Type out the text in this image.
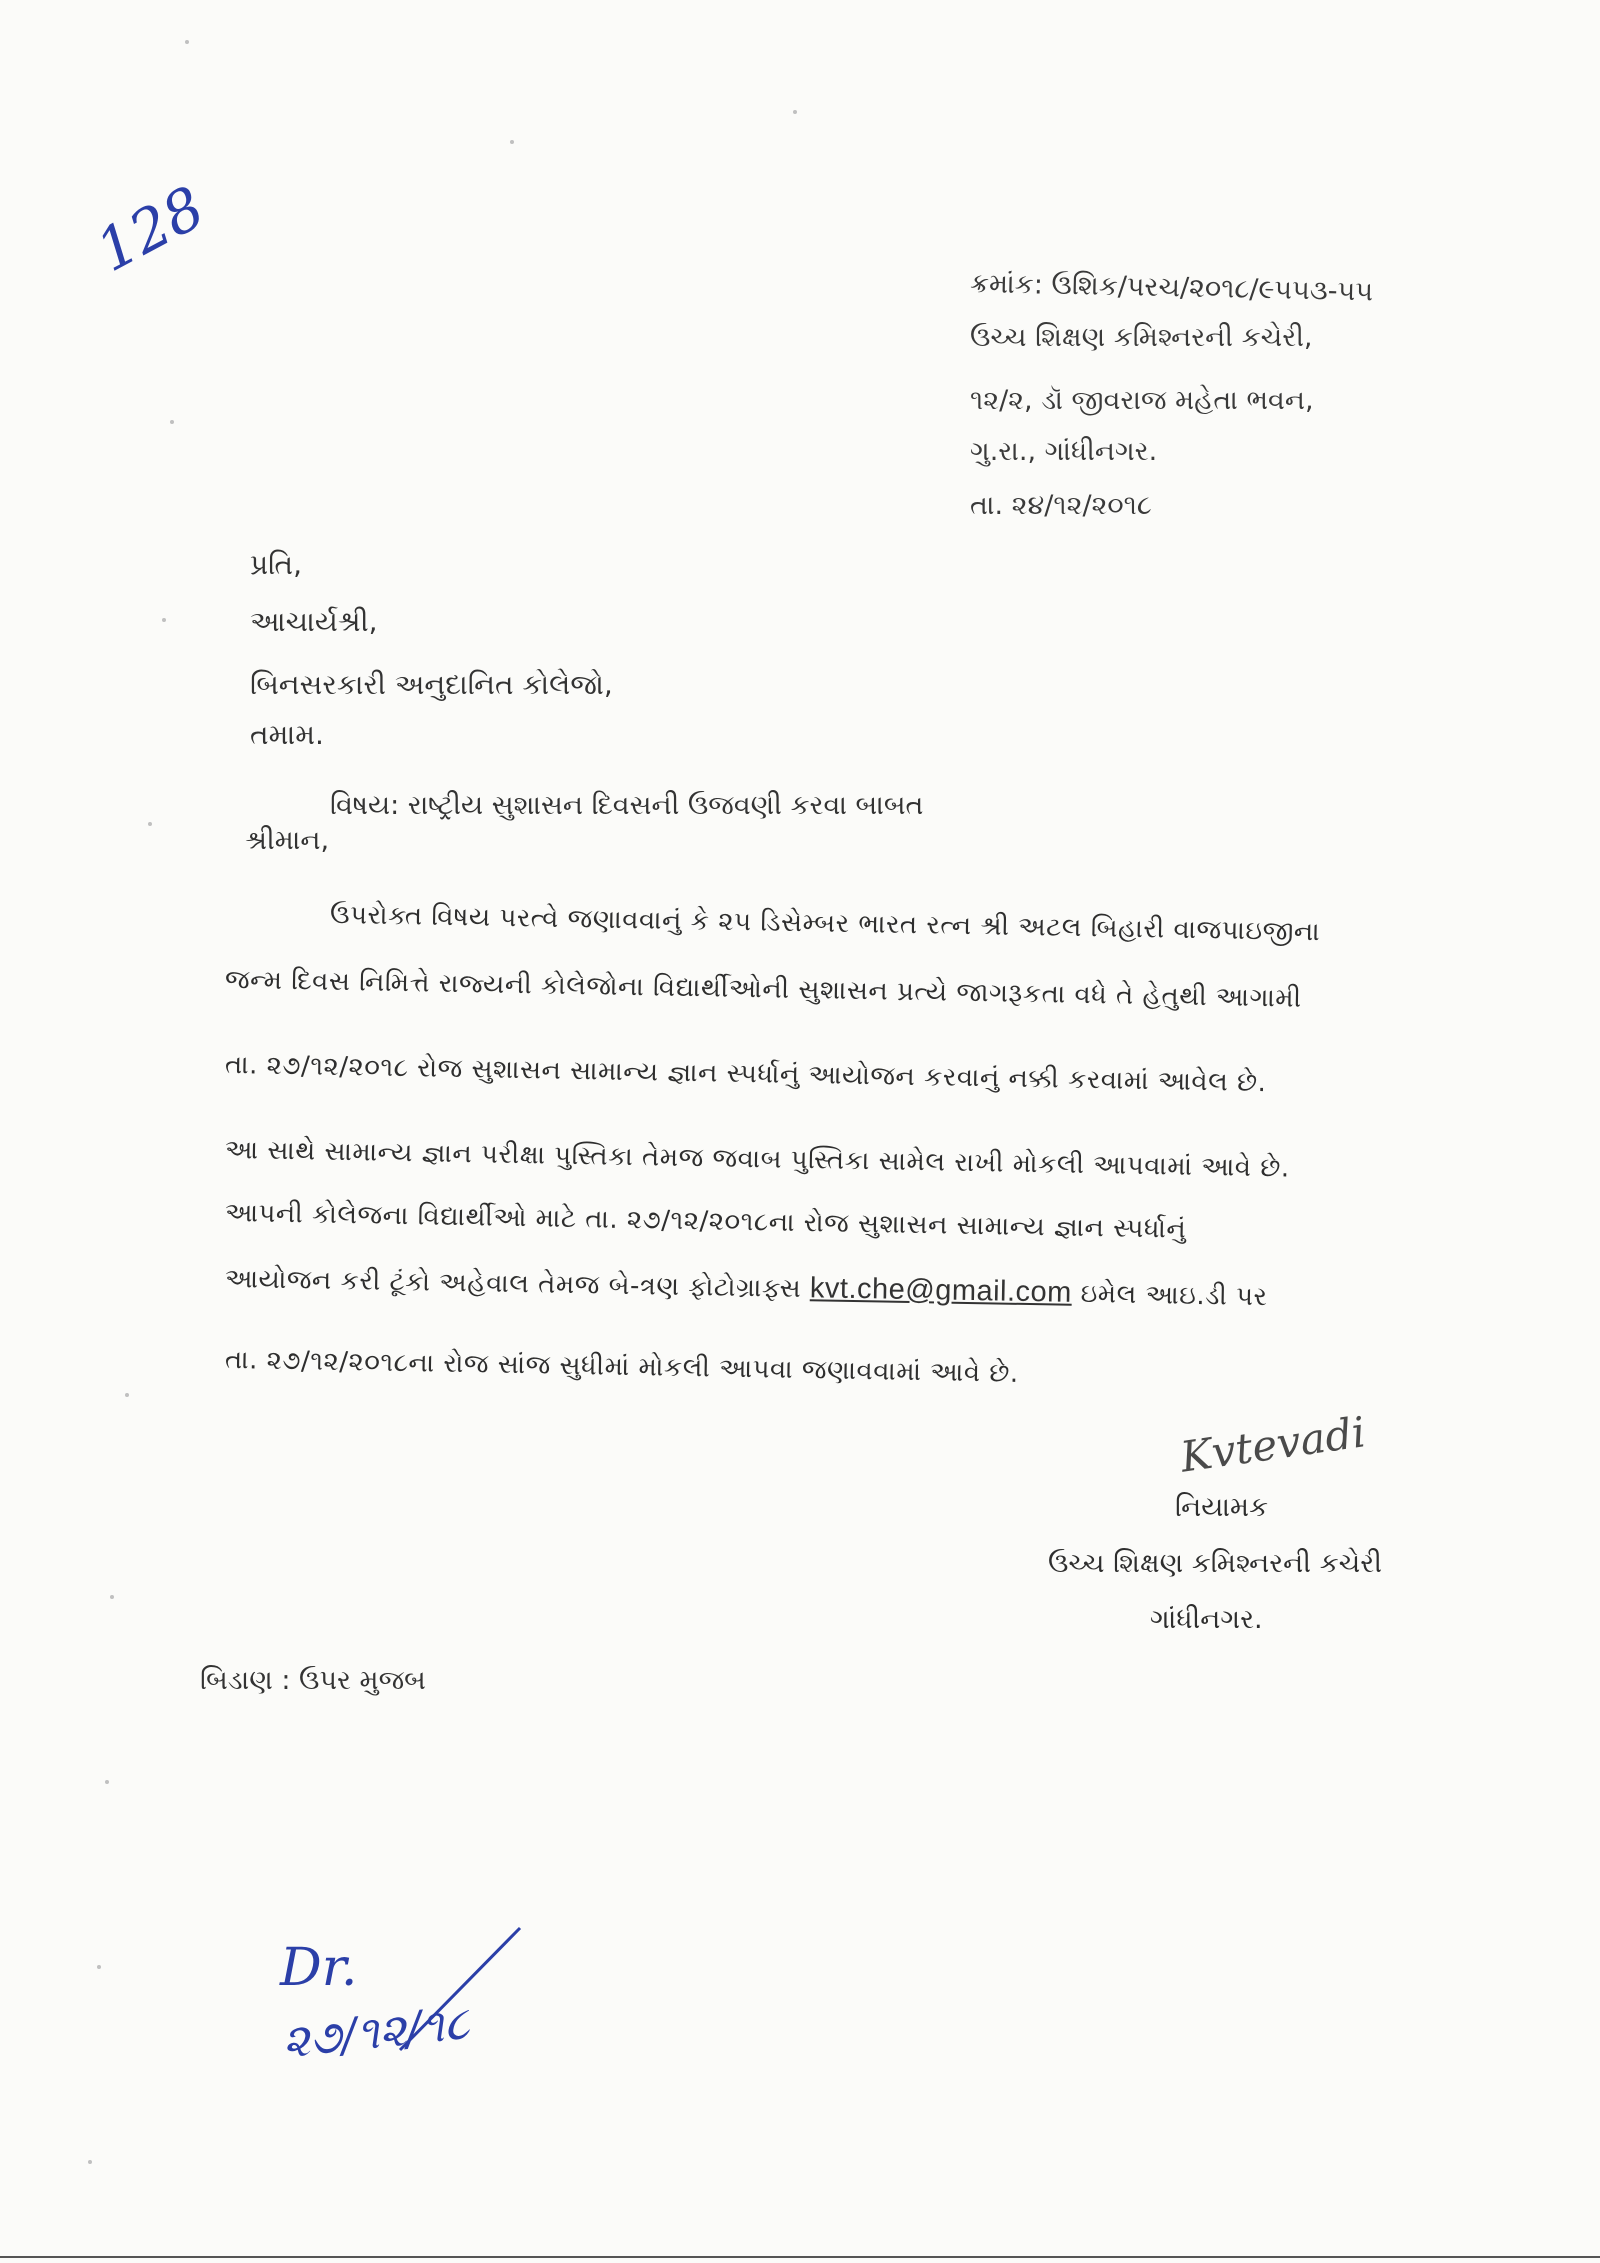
128
ક્રમાંક: ઉશિક/પરચ/૨૦૧૮/૯૫૫૩-૫૫
ઉચ્ચ શિક્ષણ કમિશ્નરની કચેરી,
૧૨/૨, ડૉ જીવરાજ મહેતા ભવન,
ગુ.રા., ગાંધીનગર.
તા. ૨૪/૧૨/૨૦૧૮
પ્રતિ,
આચાર્યશ્રી,
બિનસરકારી અનુદાનિત કોલેજો,
તમામ.
વિષય: રાષ્ટ્રીય સુશાસન દિવસની ઉજવણી કરવા બાબત
શ્રીમાન,
ઉપરોક્ત વિષય પરત્વે જણાવવાનું કે ૨૫ ડિસેમ્બર ભારત રત્ન શ્રી અટલ બિહારી વાજપાઇજીના
જન્મ દિવસ નિમિત્તે રાજ્યની કોલેજોના વિદ્યાર્થીઓની સુશાસન પ્રત્યે જાગરૂકતા વધે તે હેતુથી આગામી
તા. ૨૭/૧૨/૨૦૧૮ રોજ સુશાસન સામાન્ય જ્ઞાન સ્પર્ધાનું આયોજન કરવાનું નક્કી કરવામાં આવેલ છે.
આ સાથે સામાન્ય જ્ઞાન પરીક્ષા પુસ્તિકા તેમજ જવાબ પુસ્તિકા સામેલ રાખી મોકલી આપવામાં આવે છે.
આપની કોલેજના વિદ્યાર્થીઓ માટે તા. ૨૭/૧૨/૨૦૧૮ના રોજ સુશાસન સામાન્ય જ્ઞાન સ્પર્ધાનું
આયોજન કરી ટૂંકો અહેવાલ તેમજ બે-ત્રણ ફોટોગ્રાફ્સ kvt.che@gmail.com ઇમેલ આઇ.ડી પર
તા. ૨૭/૧૨/૨૦૧૮ના રોજ સાંજ સુધીમાં મોકલી આપવા જણાવવામાં આવે છે.
Kvtevadi
નિયામક
ઉચ્ચ શિક્ષણ કમિશ્નરની કચેરી
ગાંધીનગર.
બિડાણ : ઉપર મુજબ
Dr.
૨૭/૧૨/૧૮
